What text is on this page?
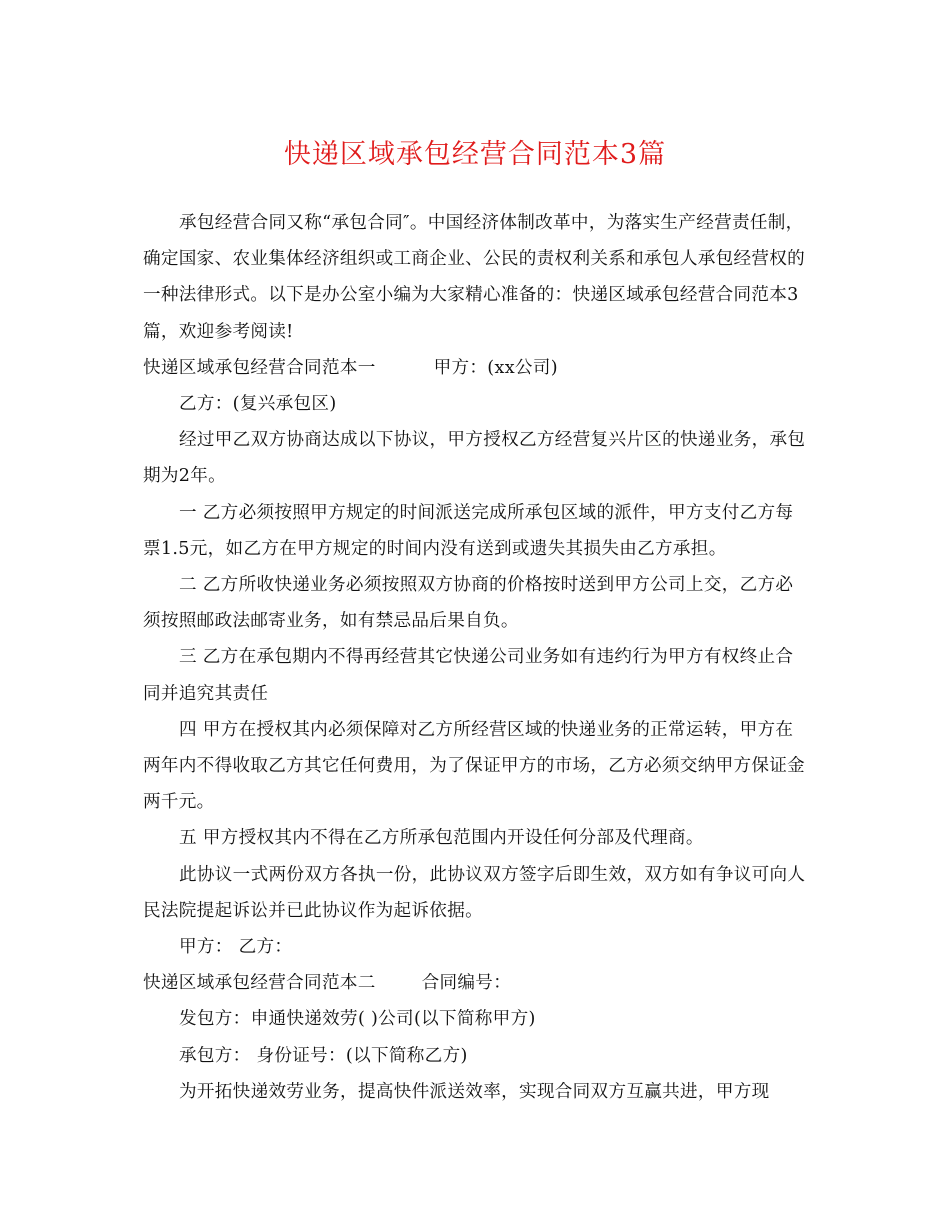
快递区域承包经营合同范本3篇

承包经营合同又称“承包合同″。中国经济体制改革中，为落实生产经营责任制，确定国家、农业集体经济组织或工商企业、公民的责权利关系和承包人承包经营权的一种法律形式。以下是办公室小编为大家精心准备的：快递区域承包经营合同范本3篇，欢迎参考阅读!

快递区域承包经营合同范本一	甲方：(xx公司)

乙方：(复兴承包区)

经过甲乙双方协商达成以下协议，甲方授权乙方经营复兴片区的快递业务，承包期为2年。

一 乙方必须按照甲方规定的时间派送完成所承包区域的派件，甲方支付乙方每票1.5元，如乙方在甲方规定的时间内没有送到或遗失其损失由乙方承担。

二 乙方所收快递业务必须按照双方协商的价格按时送到甲方公司上交，乙方必须按照邮政法邮寄业务，如有禁忌品后果自负。

三 乙方在承包期内不得再经营其它快递公司业务如有违约行为甲方有权终止合同并追究其责任

四 甲方在授权其内必须保障对乙方所经营区域的快递业务的正常运转，甲方在两年内不得收取乙方其它任何费用，为了保证甲方的市场，乙方必须交纳甲方保证金两千元。

五 甲方授权其内不得在乙方所承包范围内开设任何分部及代理商。

此协议一式两份双方各执一份，此协议双方签字后即生效，双方如有争议可向人民法院提起诉讼并已此协议作为起诉依据。

甲方： 乙方：

快递区域承包经营合同范本二	合同编号：

发包方：申通快递效劳( )公司(以下简称甲方)

承包方： 身份证号：(以下简称乙方)

为开拓快递效劳业务，提高快件派送效率，实现合同双方互赢共进，甲方现
